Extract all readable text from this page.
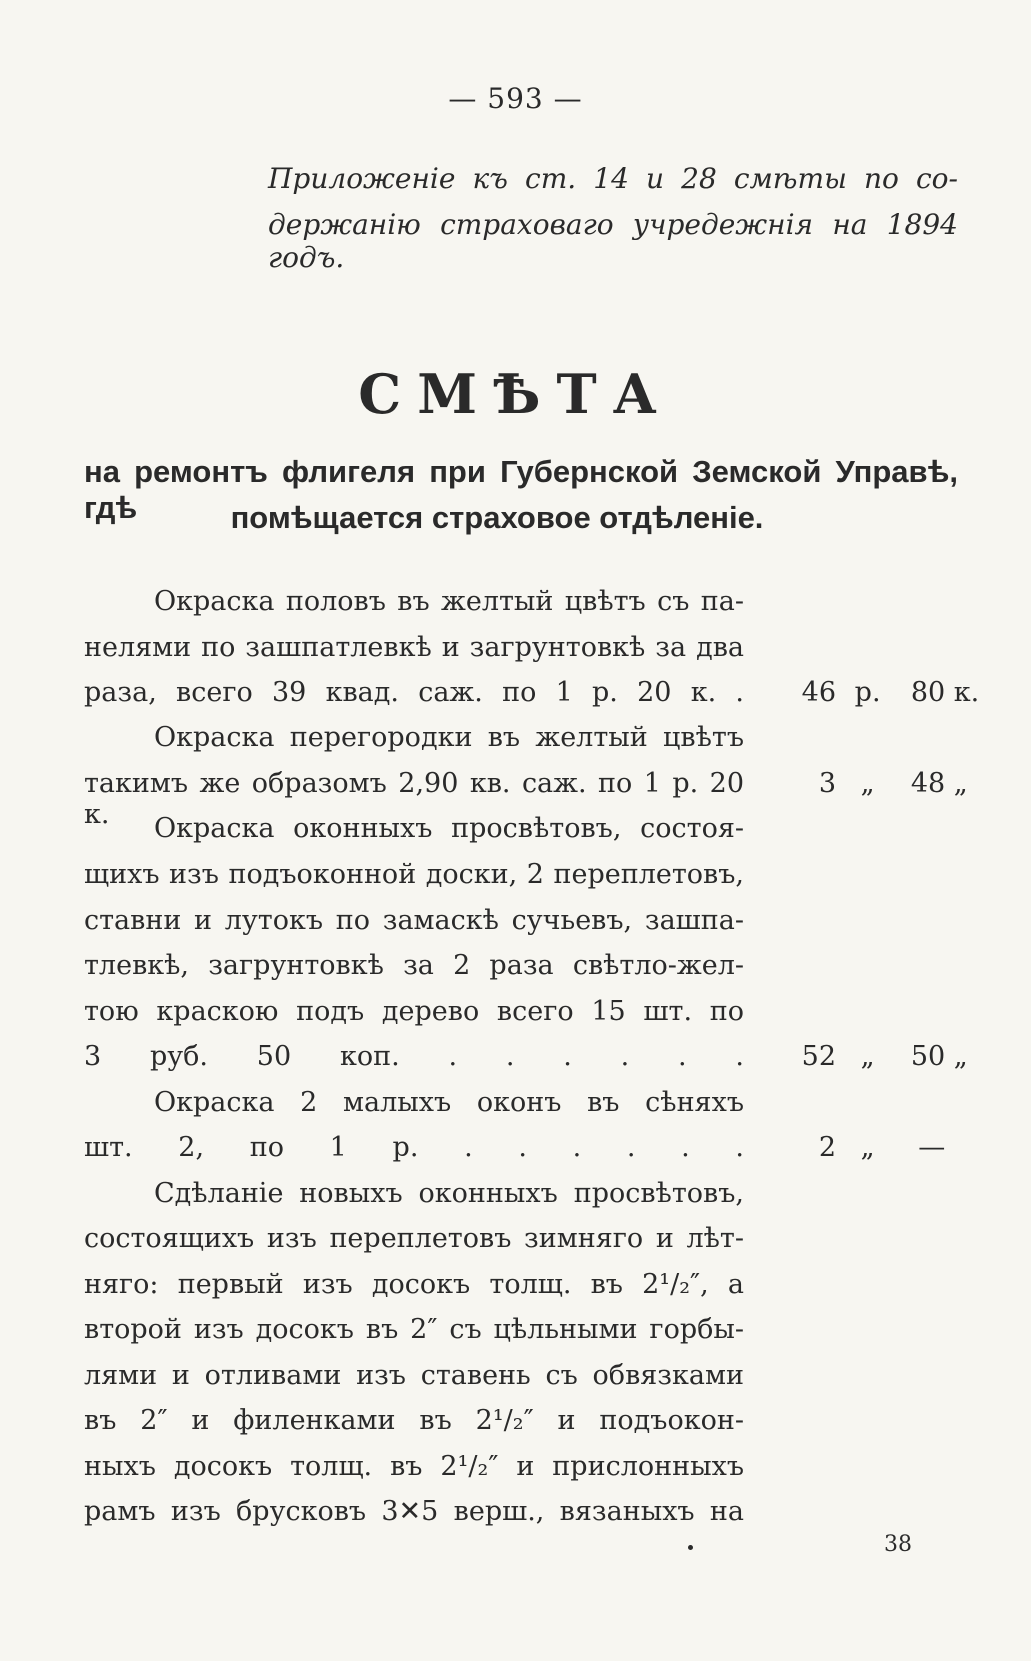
— 593 —
Приложеніе къ ст. 14 и 28 смѣты по со-
держанію страховаго учредежнія на 1894 годъ.
СМѢТА
на ремонтъ флигеля при Губернской Земской Управѣ, гдѣ	помѣщается страховое отдѣленіе.
Окраска половъ въ желтый цвѣтъ съ па-
нелями по зашпатлевкѣ и загрунтовкѣ за два
раза, всего 39 квад. саж. по 1 р. 20 к. .
Окраска перегородки въ желтый цвѣтъ
такимъ же образомъ 2,90 кв. саж. по 1 р. 20 к.	Окраска оконныхъ просвѣтовъ, состоя-
щихъ изъ подъоконной доски, 2 переплетовъ,
ставни и лутокъ по замаскѣ сучьевъ, зашпа-
тлевкѣ, загрунтовкѣ за 2 раза свѣтло-жел-
тою краскою подъ дерево всего 15 шт. по
3 руб. 50 коп. . . . . . .
Окраска 2 малыхъ оконъ въ сѣняхъ
шт. 2, по 1 р. . . . . . .
Сдѣланіе новыхъ оконныхъ просвѣтовъ,
состоящихъ изъ переплетовъ зимняго и лѣт-
няго: первый изъ досокъ толщ. въ 2¹/₂″, а
второй изъ досокъ въ 2″ съ цѣльными горбы-
лями и отливами изъ ставень съ обвязками
въ 2″ и филенками въ 2¹/₂″ и подъокон-
ныхъ досокъ толщ. въ 2¹/₂″ и прислонныхъ
рамъ изъ брусковъ 3✕5 верш., вязаныхъ на
46 р. 80 к.
3 „ 48 „
52 „ 50 „
2 „ —
38
